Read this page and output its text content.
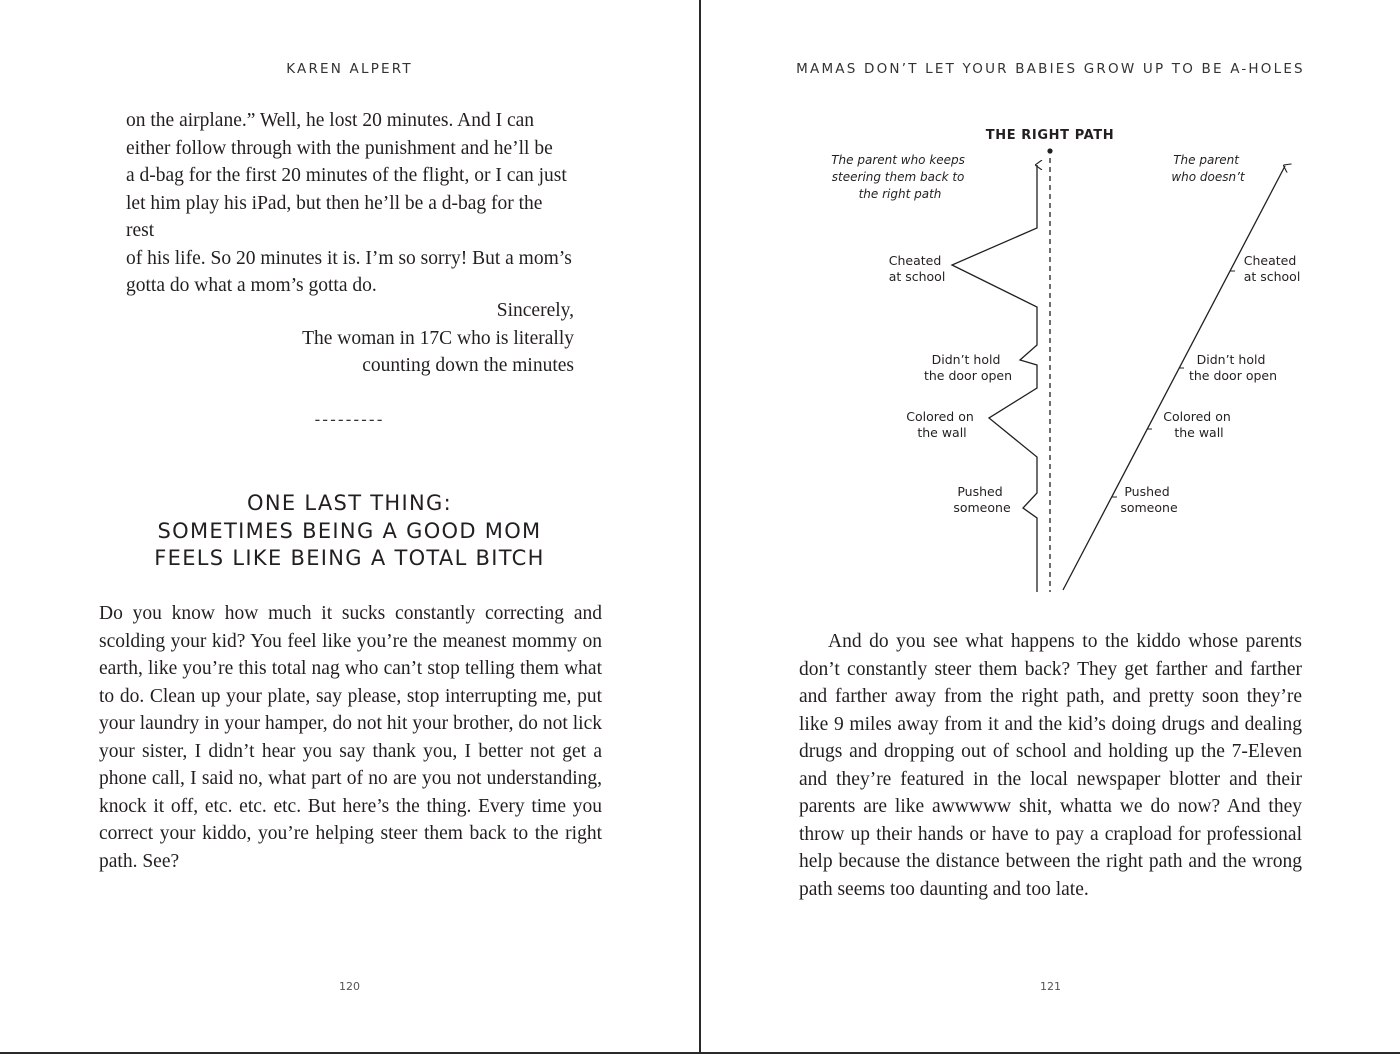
KAREN ALPERT
on the airplane.” Well, he lost 20 minutes. And I can
either follow through with the punishment and he’ll be
a d-bag for the first 20 minutes of the flight, or I can just
let him play his iPad, but then he’ll be a d-bag for the rest
of his life. So 20 minutes it is. I’m so sorry! But a mom’s
gotta do what a mom’s gotta do.
Sincerely,
The woman in 17C who is literally
counting down the minutes
---------
ONE LAST THING:
SOMETIMES BEING A GOOD MOM
FEELS LIKE BEING A TOTAL BITCH

Do you know how much it sucks constantly correcting and scolding your kid? You feel like you’re the meanest mommy on earth, like you’re this total nag who can’t stop telling them what to do. Clean up your plate, say please, stop interrupting me, put your laundry in your hamper, do not hit your brother, do not lick your sister, I didn’t hear you say thank you, I better not get a phone call, I said no, what part of no are you not understanding, knock it off, etc. etc. etc. But here’s the thing. Every time you correct your kiddo, you’re helping steer them back to the right path. See?

120
MAMAS DON’T LET YOUR BABIES GROW UP TO BE A-HOLES
THE RIGHT PATH
The parent who keeps steering them back to the right path
The parent who doesn’t
Cheated at school
Didn’t hold the door open
Colored on the wall
Pushed someone
Cheated at school
Didn’t hold the door open
Colored on the wall
Pushed someone

And do you see what happens to the kiddo whose parents don’t constantly steer them back? They get farther and farther and farther away from the right path, and pretty soon they’re like 9 miles away from it and the kid’s doing drugs and dealing drugs and dropping out of school and holding up the 7-Eleven and they’re featured in the local newspaper blotter and their parents are like awwwww shit, whatta we do now? And they throw up their hands or have to pay a crapload for professional help because the distance between the right path and the wrong path seems too daunting and too late.

121
